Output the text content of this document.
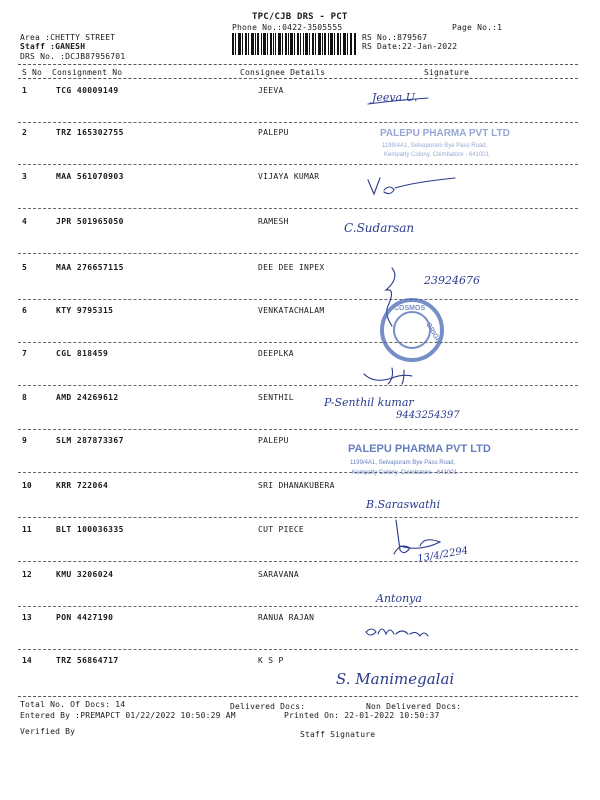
TPC/CJB DRS - PCT
Phone No.:0422-3505555	Page No.:1
Area :CHETTY STREET
Staff :GANESH
DRS No. :DCJB87956701
RS No.:879567
RS Date:22-Jan-2022
S No Consignment No	Consignee Details	Signature
1	TCG 40009149	JEEVA
2	TRZ 165302755	PALEPU
3	MAA 561070903	VIJAYA KUMAR
4	JPR 501965050	RAMESH
5	MAA 276657115	DEE DEE INPEX
6	KTY 9795315	VENKATACHALAM
7	CGL 818459	DEEPLKA
8	AMD 24269612	SENTHIL
9	SLM 287873367	PALEPU
10	KRR 722064	SRI DHANAKUBERA
11	BLT 100036335	CUT PIECE
12	KMU 3206024	SARAVANA
13	PON 4427190	RANUA RAJAN
14	TRZ 56864717	K S P
Jeeva.U.
C.Sudarsan
23924676
P-Senthil kumar
9443254397
B.Saraswathi
13/4/2294
Antonya
S. Manimegalai
PALEPU PHARMA PVT LTD
1199/4A1, Selvapuram Bye Pass Road,
Kempatty Colony, Coimbatore - 641001.
COSMOS
ORIGIN
PALEPU PHARMA PVT LTD
1199/4A1, Selvapuram Bye Pass Road,
Kempatty Colony, Coimbatore - 641001.
Total No. Of Docs: 14	Delivered Docs:	Non Delivered Docs:
Entered By :PREMAPCT 01/22/2022 10:50:29 AM	Printed On: 22-01-2022 10:50:37
Verified By	Staff Signature
